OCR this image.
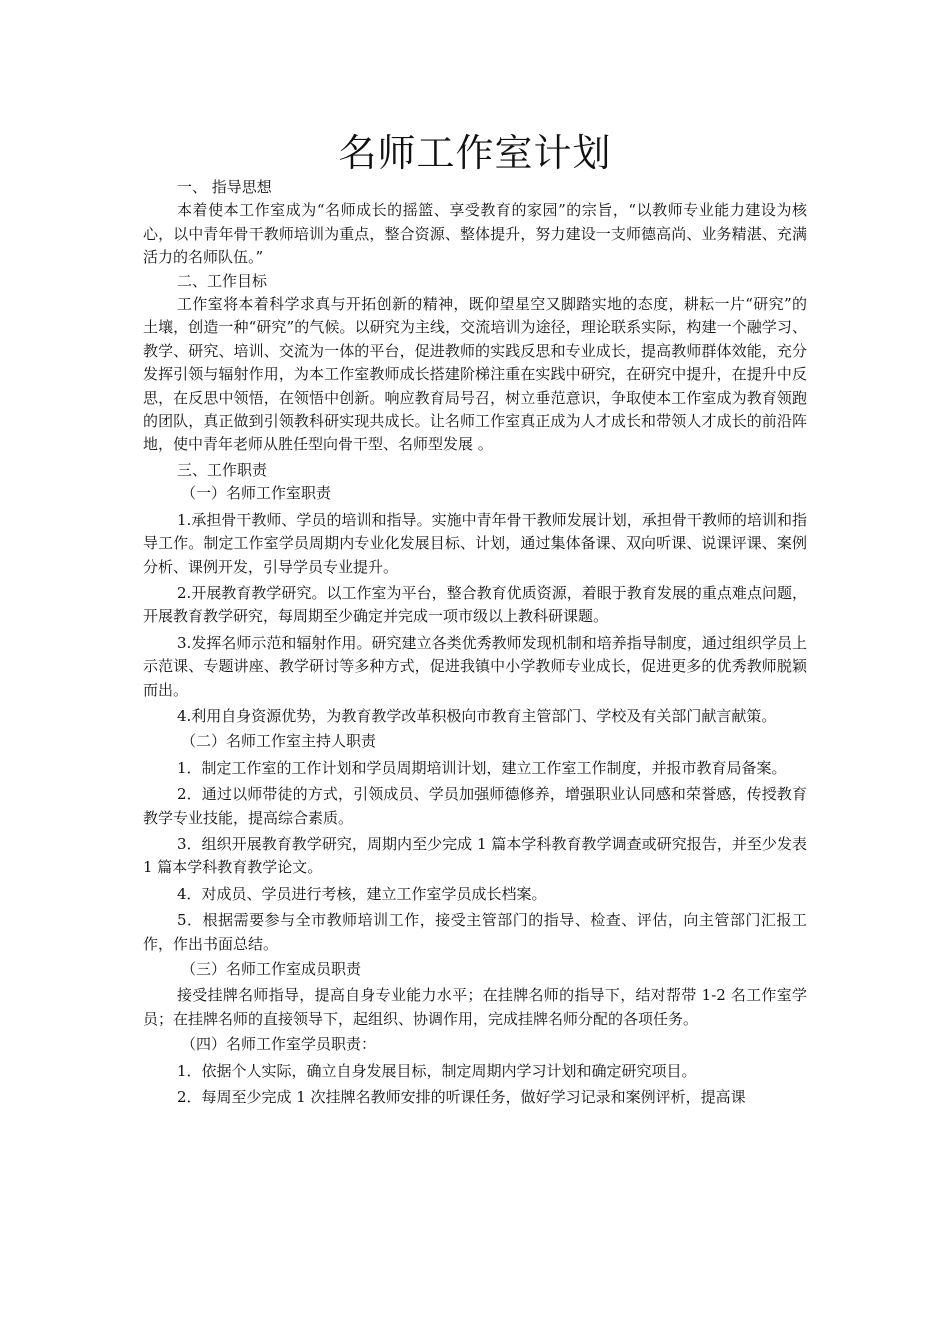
名师工作室计划

一、 指导思想

本着使本工作室成为“名师成长的摇篮、享受教育的家园”的宗旨，“以教师专业能力建设为核心，以中青年骨干教师培训为重点，整合资源、整体提升，努力建设一支师德高尚、业务精湛、充满活力的名师队伍。”

二、工作目标

工作室将本着科学求真与开拓创新的精神，既仰望星空又脚踏实地的态度，耕耘一片“研究”的土壤，创造一种“研究”的气候。以研究为主线，交流培训为途径，理论联系实际，构建一个融学习、教学、研究、培训、交流为一体的平台，促进教师的实践反思和专业成长，提高教师群体效能，充分发挥引领与辐射作用，为本工作室教师成长搭建阶梯注重在实践中研究，在研究中提升，在提升中反思，在反思中领悟，在领悟中创新。响应教育局号召，树立垂范意识，争取使本工作室成为教育领跑的团队，真正做到引领教科研实现共成长。让名师工作室真正成为人才成长和带领人才成长的前沿阵地，使中青年老师从胜任型向骨干型、名师型发展 。

三、工作职责

（一）名师工作室职责

1.承担骨干教师、学员的培训和指导。实施中青年骨干教师发展计划，承担骨干教师的培训和指导工作。制定工作室学员周期内专业化发展目标、计划，通过集体备课、双向听课、说课评课、案例分析、课例开发，引导学员专业提升。

2.开展教育教学研究。以工作室为平台，整合教育优质资源，着眼于教育发展的重点难点问题，开展教育教学研究，每周期至少确定并完成一项市级以上教科研课题。

3.发挥名师示范和辐射作用。研究建立各类优秀教师发现机制和培养指导制度，通过组织学员上示范课、专题讲座、教学研讨等多种方式，促进我镇中小学教师专业成长，促进更多的优秀教师脱颖而出。

4.利用自身资源优势，为教育教学改革积极向市教育主管部门、学校及有关部门献言献策。

（二）名师工作室主持人职责

1．制定工作室的工作计划和学员周期培训计划，建立工作室工作制度，并报市教育局备案。

2．通过以师带徒的方式，引领成员、学员加强师德修养，增强职业认同感和荣誉感，传授教育教学专业技能，提高综合素质。

3．组织开展教育教学研究，周期内至少完成 1 篇本学科教育教学调查或研究报告，并至少发表 1 篇本学科教育教学论文。

4．对成员、学员进行考核，建立工作室学员成长档案。

5．根据需要参与全市教师培训工作，接受主管部门的指导、检查、评估，向主管部门汇报工作，作出书面总结。

（三）名师工作室成员职责

接受挂牌名师指导，提高自身专业能力水平；在挂牌名师的指导下，结对帮带 1-2 名工作室学员；在挂牌名师的直接领导下，起组织、协调作用，完成挂牌名师分配的各项任务。

（四）名师工作室学员职责：

1．依据个人实际，确立自身发展目标，制定周期内学习计划和确定研究项目。

2．每周至少完成 1 次挂牌名教师安排的听课任务，做好学习记录和案例评析，提高课
